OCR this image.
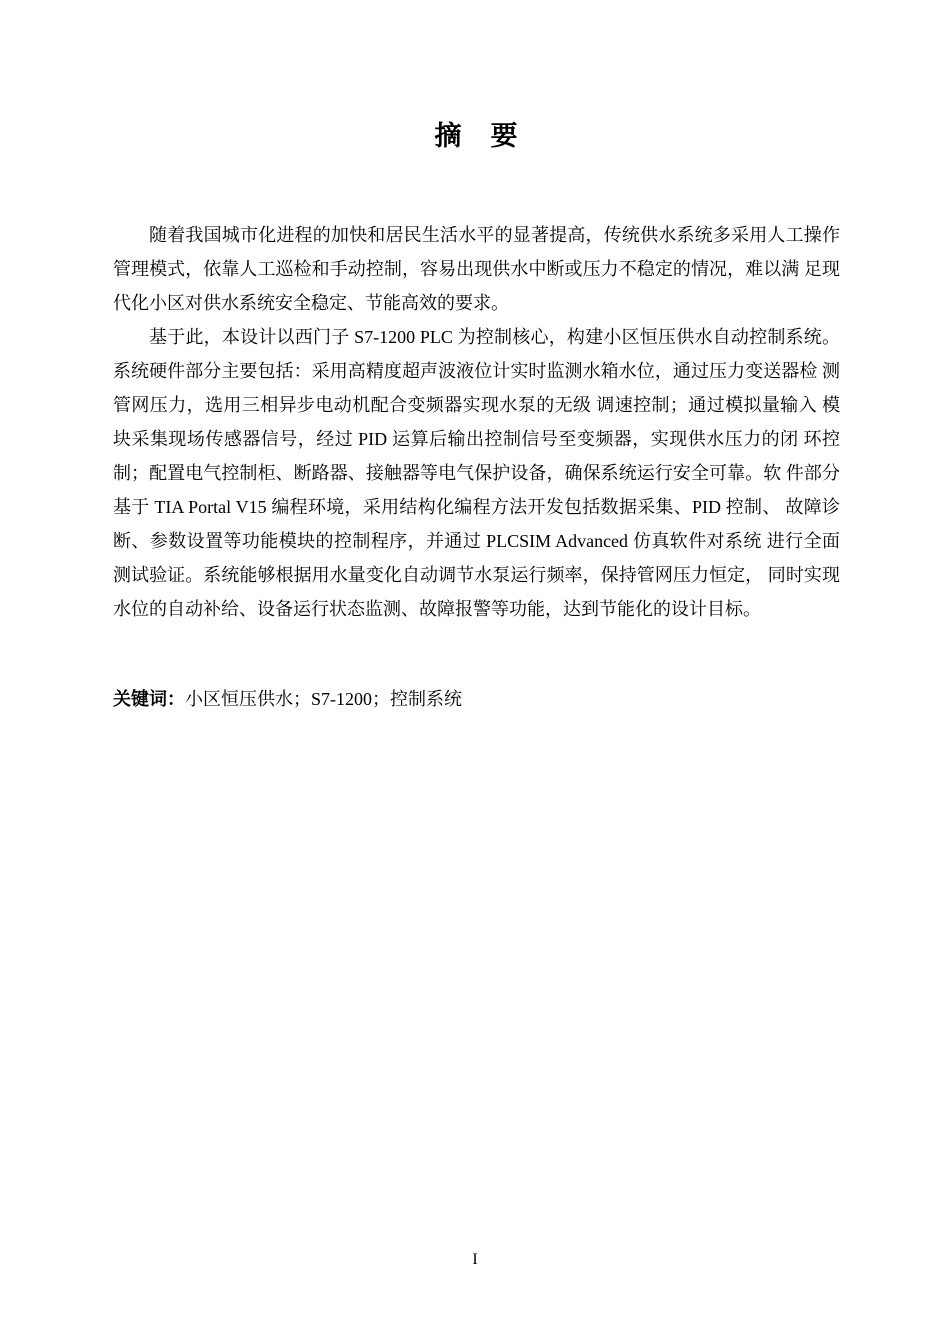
摘　要

随着我国城市化进程的加快和居民生活水平的显著提高，传统供水系统多采用人工操作管理模式，依靠人工巡检和手动控制，容易出现供水中断或压力不稳定的情况，难以满 足现代化小区对供水系统安全稳定、节能高效的要求。

基于此，本设计以西门子 S7-1200 PLC 为控制核心，构建小区恒压供水自动控制系统。 系统硬件部分主要包括：采用高精度超声波液位计实时监测水箱水位，通过压力变送器检 测管网压力，选用三相异步电动机配合变频器实现水泵的无级 调速控制；通过模拟量输入 模块采集现场传感器信号，经过 PID 运算后输出控制信号至变频器，实现供水压力的闭 环控制；配置电气控制柜、断路器、接触器等电气保护设备，确保系统运行安全可靠。软 件部分基于 TIA Portal V15 编程环境，采用结构化编程方法开发包括数据采集、PID 控制、 故障诊断、参数设置等功能模块的控制程序，并通过 PLCSIM Advanced 仿真软件对系统 进行全面测试验证。系统能够根据用水量变化自动调节水泵运行频率，保持管网压力恒定， 同时实现水位的自动补给、设备运行状态监测、故障报警等功能，达到节能化的设计目标。

关键词：小区恒压供水；S7-1200；控制系统

I
